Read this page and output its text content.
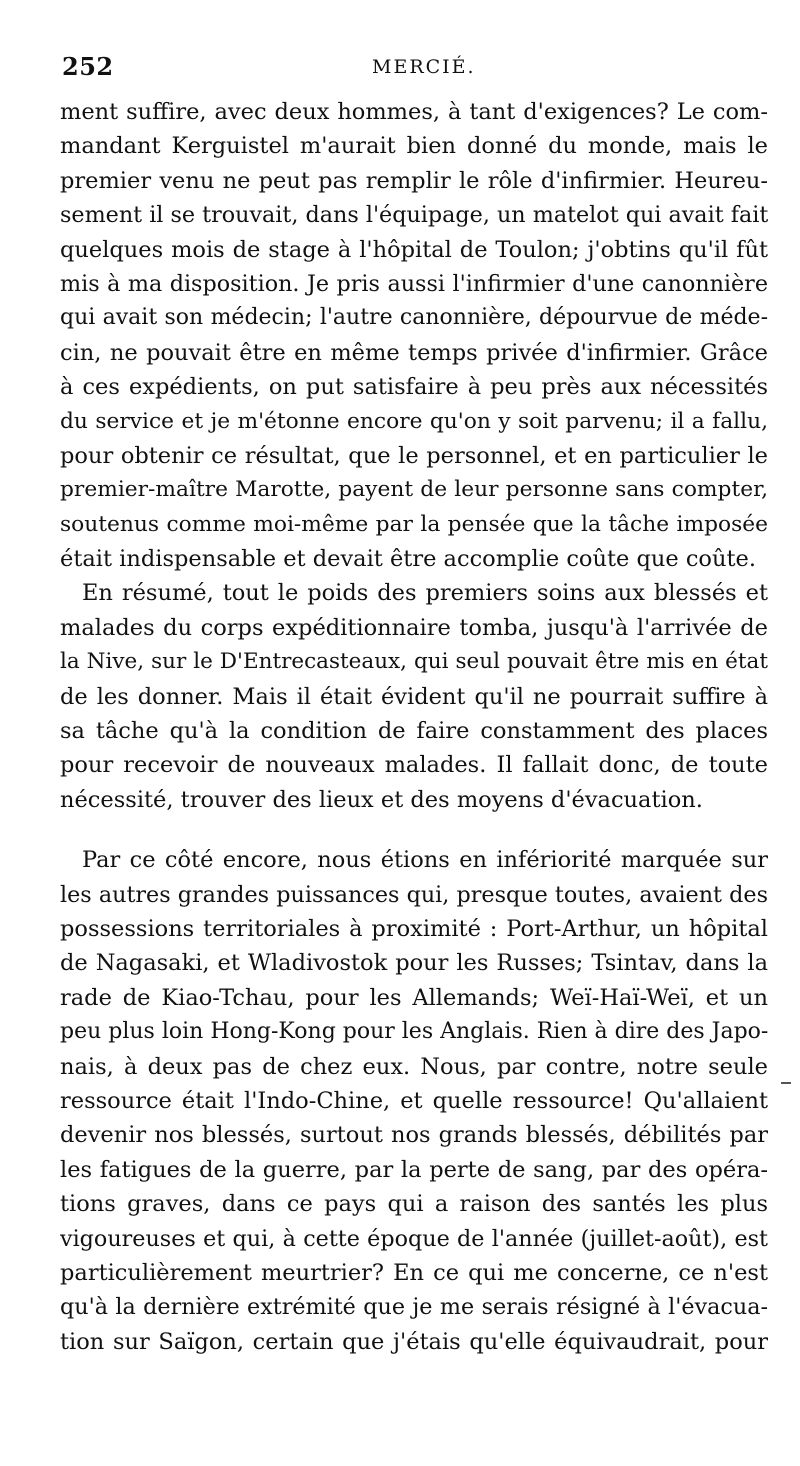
252	MERCIÉ.
ment suffire, avec deux hommes, à tant d'exigences? Le com-
mandant Kerguistel m'aurait bien donné du monde, mais le
premier venu ne peut pas remplir le rôle d'infirmier. Heureu-
sement il se trouvait, dans l'équipage, un matelot qui avait fait
quelques mois de stage à l'hôpital de Toulon; j'obtins qu'il fût
mis à ma disposition. Je pris aussi l'infirmier d'une canonnière
qui avait son médecin; l'autre canonnière, dépourvue de méde-
cin, ne pouvait être en même temps privée d'infirmier. Grâce
à ces expédients, on put satisfaire à peu près aux nécessités
du service et je m'étonne encore qu'on y soit parvenu; il a fallu,
pour obtenir ce résultat, que le personnel, et en particulier le
premier-maître Marotte, payent de leur personne sans compter,
soutenus comme moi-même par la pensée que la tâche imposée
était indispensable et devait être accomplie coûte que coûte.
En résumé, tout le poids des premiers soins aux blessés et
malades du corps expéditionnaire tomba, jusqu'à l'arrivée de
la Nive, sur le D'Entrecasteaux, qui seul pouvait être mis en état
de les donner. Mais il était évident qu'il ne pourrait suffire à
sa tâche qu'à la condition de faire constamment des places
pour recevoir de nouveaux malades. Il fallait donc, de toute
nécessité, trouver des lieux et des moyens d'évacuation.
Par ce côté encore, nous étions en infériorité marquée sur
les autres grandes puissances qui, presque toutes, avaient des
possessions territoriales à proximité : Port-Arthur, un hôpital
de Nagasaki, et Wladivostok pour les Russes; Tsintav, dans la
rade de Kiao-Tchau, pour les Allemands; Weï-Haï-Weï, et un
peu plus loin Hong-Kong pour les Anglais. Rien à dire des Japo-
nais, à deux pas de chez eux. Nous, par contre, notre seule
ressource était l'Indo-Chine, et quelle ressource! Qu'allaient
devenir nos blessés, surtout nos grands blessés, débilités par
les fatigues de la guerre, par la perte de sang, par des opéra-
tions graves, dans ce pays qui a raison des santés les plus
vigoureuses et qui, à cette époque de l'année (juillet-août), est
particulièrement meurtrier? En ce qui me concerne, ce n'est
qu'à la dernière extrémité que je me serais résigné à l'évacua-
tion sur Saïgon, certain que j'étais qu'elle équivaudrait, pour
